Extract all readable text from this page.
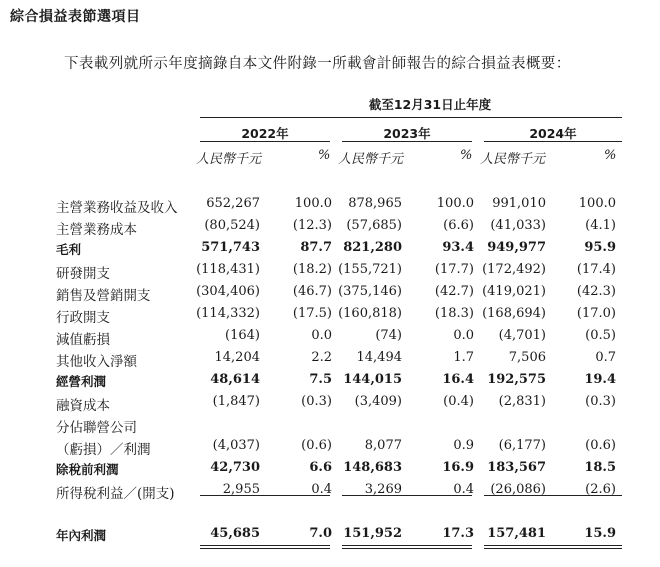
綜合損益表節選項目
下表載列就所示年度摘錄自本文件附錄一所載會計師報告的綜合損益表概要：
截至12月31日止年度
2022年	2023年	2024年
人民幣千元	% 人民幣千元	% 人民幣千元	%
主營業務收益及收入 652,267	100.0 878,965	100.0 991,010	100.0
主營業務成本	(80,524)	(12.3) (57,685)	(6.6) (41,033)	(4.1)
毛利	571,743	87.7 821,280	93.4 949,977	95.9
研發開支	(118,431)	(18.2) (155,721)	(17.7) (172,492) (17.4)
銷售及營銷開支	(304,406)	(46.7) (375,146)	(42.7) (419,021) (42.3)
行政開支	(114,332)	(17.5) (160,818)	(18.3) (168,694) (17.0)
減值虧損	(164)	0.0	(74)	0.0 (4,701)	(0.5)
其他收入淨額	14,204	2.2 14,494	1.7	7,506	0.7
經營利潤	48,614	7.5 144,015	16.4 192,575	19.4
融資成本	(1,847)	(0.3) (3,409)	(0.4) (2,831)	(0.3)
分佔聯營公司
（虧損）／利潤	(4,037)	(0.6)	8,077	0.9 (6,177)	(0.6)
除稅前利潤	42,730	6.6 148,683	16.9 183,567	18.5
所得稅利益／(開支)	2,955	0.4	3,269	0.4 (26,086)	(2.6)
年內利潤	45,685	7.0 151,952	17.3 157,481	15.9
